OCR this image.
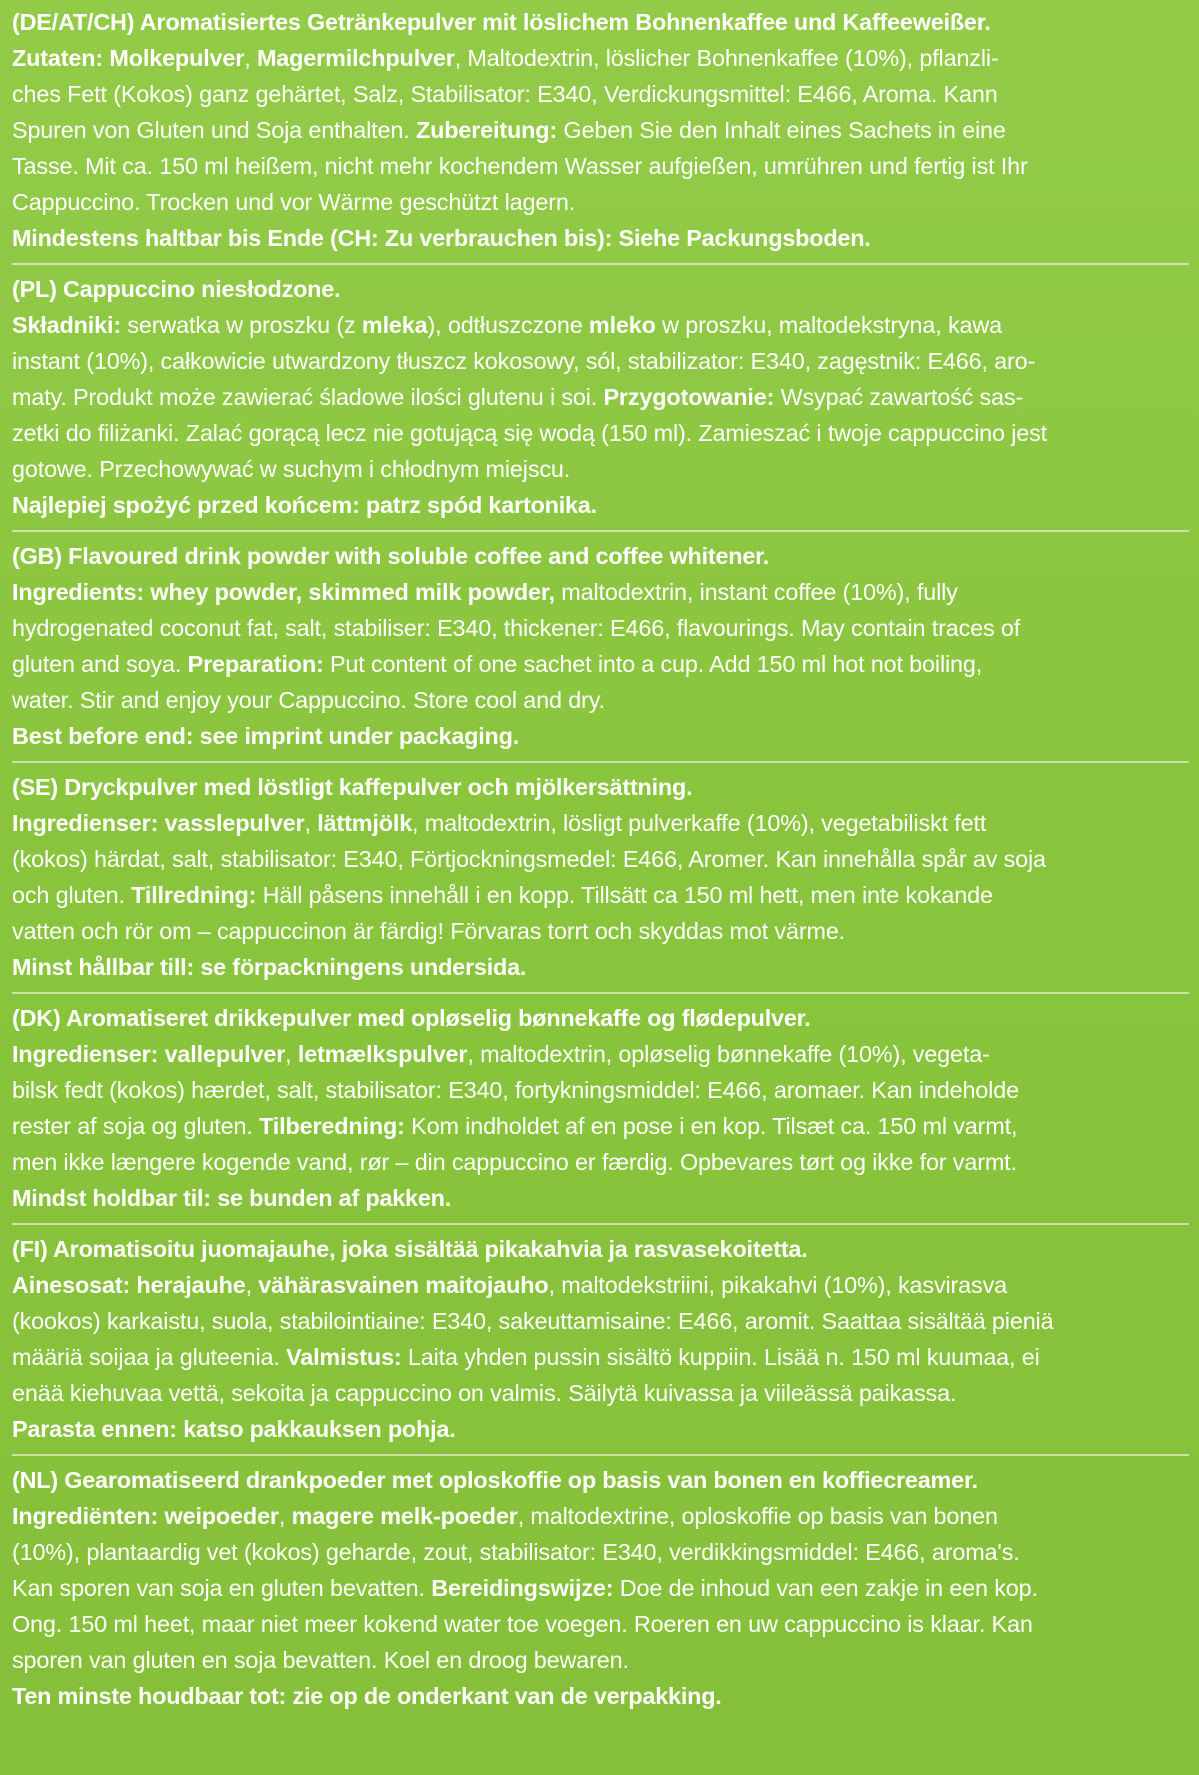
(DE/AT/CH) Aromatisiertes Getränkepulver mit löslichem Bohnenkaffee und Kaffeeweißer.
Zutaten: Molkepulver, Magermilchpulver, Maltodextrin, löslicher Bohnenkaffee (10%), pflanzli-
ches Fett (Kokos) ganz gehärtet, Salz, Stabilisator: E340, Verdickungsmittel: E466, Aroma. Kann
Spuren von Gluten und Soja enthalten. Zubereitung: Geben Sie den Inhalt eines Sachets in eine
Tasse. Mit ca. 150 ml heißem, nicht mehr kochendem Wasser aufgießen, umrühren und fertig ist Ihr
Cappuccino. Trocken und vor Wärme geschützt lagern.
Mindestens haltbar bis Ende (CH: Zu verbrauchen bis): Siehe Packungsboden.
(PL) Cappuccino niesłodzone.
Składniki: serwatka w proszku (z mleka), odtłuszczone mleko w proszku, maltodekstryna, kawa
instant (10%), całkowicie utwardzony tłuszcz kokosowy, sól, stabilizator: E340, zagęstnik: E466, aro-
maty. Produkt może zawierać śladowe ilości glutenu i soi. Przygotowanie: Wsypać zawartość sas-
zetki do filiżanki. Zalać gorącą lecz nie gotującą się wodą (150 ml). Zamieszać i twoje cappuccino jest
gotowe. Przechowywać w suchym i chłodnym miejscu.
Najlepiej spożyć przed końcem: patrz spód kartonika.
(GB) Flavoured drink powder with soluble coffee and coffee whitener.
Ingredients: whey powder, skimmed milk powder, maltodextrin, instant coffee (10%), fully
hydrogenated coconut fat, salt, stabiliser: E340, thickener: E466, flavourings. May contain traces of
gluten and soya. Preparation: Put content of one sachet into a cup. Add 150 ml hot not boiling,
water. Stir and enjoy your Cappuccino. Store cool and dry.
Best before end: see imprint under packaging.
(SE) Dryckpulver med löstligt kaffepulver och mjölkersättning.
Ingredienser: vasslepulver, lättmjölk, maltodextrin, lösligt pulverkaffe (10%), vegetabiliskt fett
(kokos) härdat, salt, stabilisator: E340, Förtjockningsmedel: E466, Aromer. Kan innehålla spår av soja
och gluten. Tillredning: Häll påsens innehåll i en kopp. Tillsätt ca 150 ml hett, men inte kokande
vatten och rör om – cappuccinon är färdig! Förvaras torrt och skyddas mot värme.
Minst hållbar till: se förpackningens undersida.
(DK) Aromatiseret drikkepulver med opløselig bønnekaffe og flødepulver.
Ingredienser: vallepulver, letmælkspulver, maltodextrin, opløselig bønnekaffe (10%), vegeta-
bilsk fedt (kokos) hærdet, salt, stabilisator: E340, fortykningsmiddel: E466, aromaer. Kan indeholde
rester af soja og gluten. Tilberedning: Kom indholdet af en pose i en kop. Tilsæt ca. 150 ml varmt,
men ikke længere kogende vand, rør – din cappuccino er færdig. Opbevares tørt og ikke for varmt.
Mindst holdbar til: se bunden af pakken.
(FI) Aromatisoitu juomajauhe, joka sisältää pikakahvia ja rasvasekoitetta.
Ainesosat: herajauhe, vähärasvainen maitojauho, maltodekstriini, pikakahvi (10%), kasvirasva
(kookos) karkaistu, suola, stabilointiaine: E340, sakeuttamisaine: E466, aromit. Saattaa sisältää pieniä
määriä soijaa ja gluteenia. Valmistus: Laita yhden pussin sisältö kuppiin. Lisää n. 150 ml kuumaa, ei
enää kiehuvaa vettä, sekoita ja cappuccino on valmis. Säilytä kuivassa ja viileässä paikassa.
Parasta ennen: katso pakkauksen pohja.
(NL) Gearomatiseerd drankpoeder met oploskoffie op basis van bonen en koffiecreamer.
Ingrediënten: weipoeder, magere melk-poeder, maltodextrine, oploskoffie op basis van bonen
(10%), plantaardig vet (kokos) geharde, zout, stabilisator: E340, verdikkingsmiddel: E466, aroma's.
Kan sporen van soja en gluten bevatten. Bereidingswijze: Doe de inhoud van een zakje in een kop.
Ong. 150 ml heet, maar niet meer kokend water toe voegen. Roeren en uw cappuccino is klaar. Kan
sporen van gluten en soja bevatten. Koel en droog bewaren.
Ten minste houdbaar tot: zie op de onderkant van de verpakking.
